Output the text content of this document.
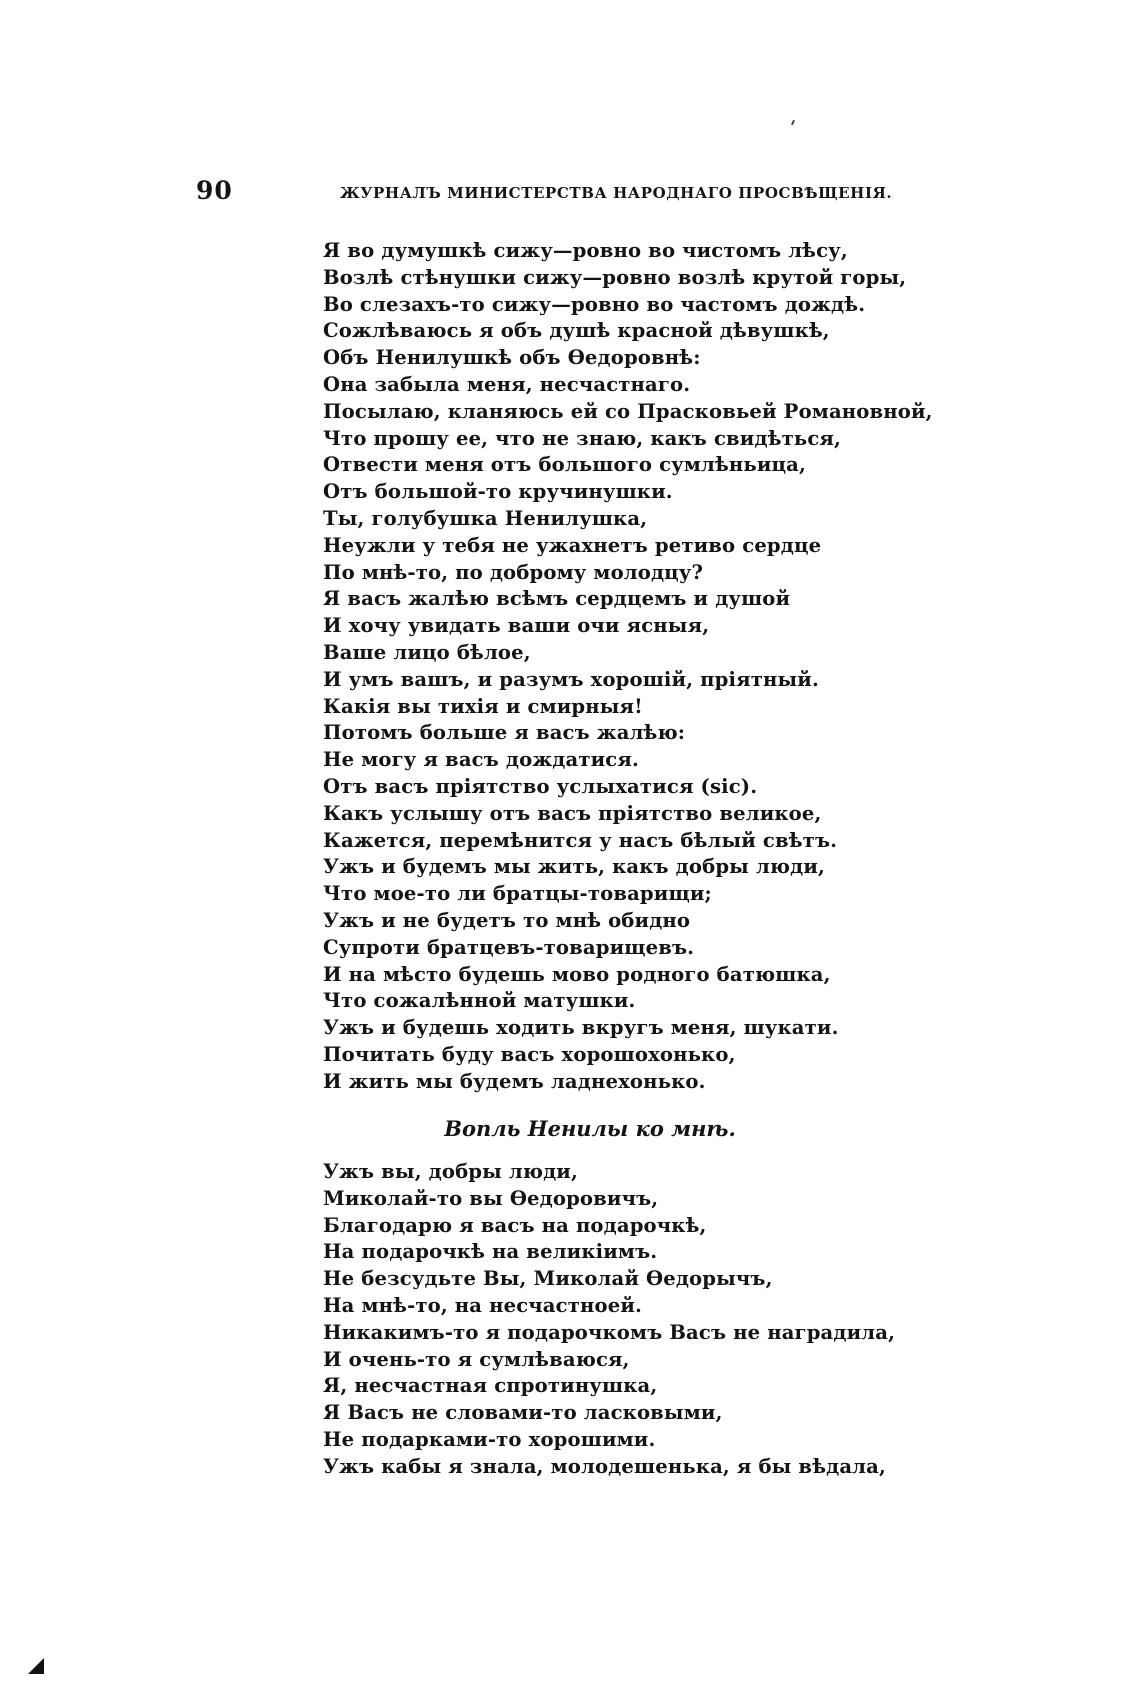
90	ЖУРНАЛЪ МИНИСТЕРСТВА НАРОДНАГО ПРОСВѢЩЕНІЯ.
Я во думушкѣ сижу—ровно во чистомъ лѣсу,
Возлѣ стѣнушки сижу—ровно возлѣ крутой горы,
Во слезахъ-то сижу—ровно во частомъ дождѣ.
Сожлѣваюсь я объ душѣ красной дѣвушкѣ,
Объ Ненилушкѣ объ Ѳедоровнѣ:
Она забыла меня, несчастнаго.
Посылаю, кланяюсь ей со Прасковьей Романовной,
Что прошу ее, что не знаю, какъ свидѣться,
Отвести меня отъ большого сумлѣньица,
Отъ большой-то кручинушки.
Ты, голубушка Ненилушка,
Неужли у тебя не ужахнетъ ретиво сердце
По мнѣ-то, по доброму молодцу?
Я васъ жалѣю всѣмъ сердцемъ и душой
И хочу увидать ваши очи ясныя,
Ваше лицо бѣлое,
И умъ вашъ, и разумъ хорошій, пріятный.
Какія вы тихія и смирныя!
Потомъ больше я васъ жалѣю:
Не могу я васъ дождатися.
Отъ васъ пріятство услыхатися (sic).
Какъ услышу отъ васъ пріятство великое,
Кажется, перемѣнится у насъ бѣлый свѣтъ.
Ужъ и будемъ мы жить, какъ добры люди,
Что мое-то ли братцы-товарищи;
Ужъ и не будетъ то мнѣ обидно
Супроти братцевъ-товарищевъ.
И на мѣсто будешь мово родного батюшка,
Что сожалѣнной матушки.
Ужъ и будешь ходить вкругъ меня, шукати.
Почитать буду васъ хорошохонько,
И жить мы будемъ ладнехонько.
Вопль Ненилы ко мнѣ.
Ужъ вы, добры люди,
Миколай-то вы Ѳедоровичъ,
Благодарю я васъ на подарочкѣ,
На подарочкѣ на великіимъ.
Не безсудьте Вы, Миколай Ѳедорычъ,
На мнѣ-то, на несчастноей.
Никакимъ-то я подарочкомъ Васъ не наградила,
И очень-то я сумлѣваюся,
Я, несчастная спротинушка,
Я Васъ не словами-то ласковыми,
Не подарками-то хорошими.
Ужъ кабы я знала, молодешенька, я бы вѣдала,
